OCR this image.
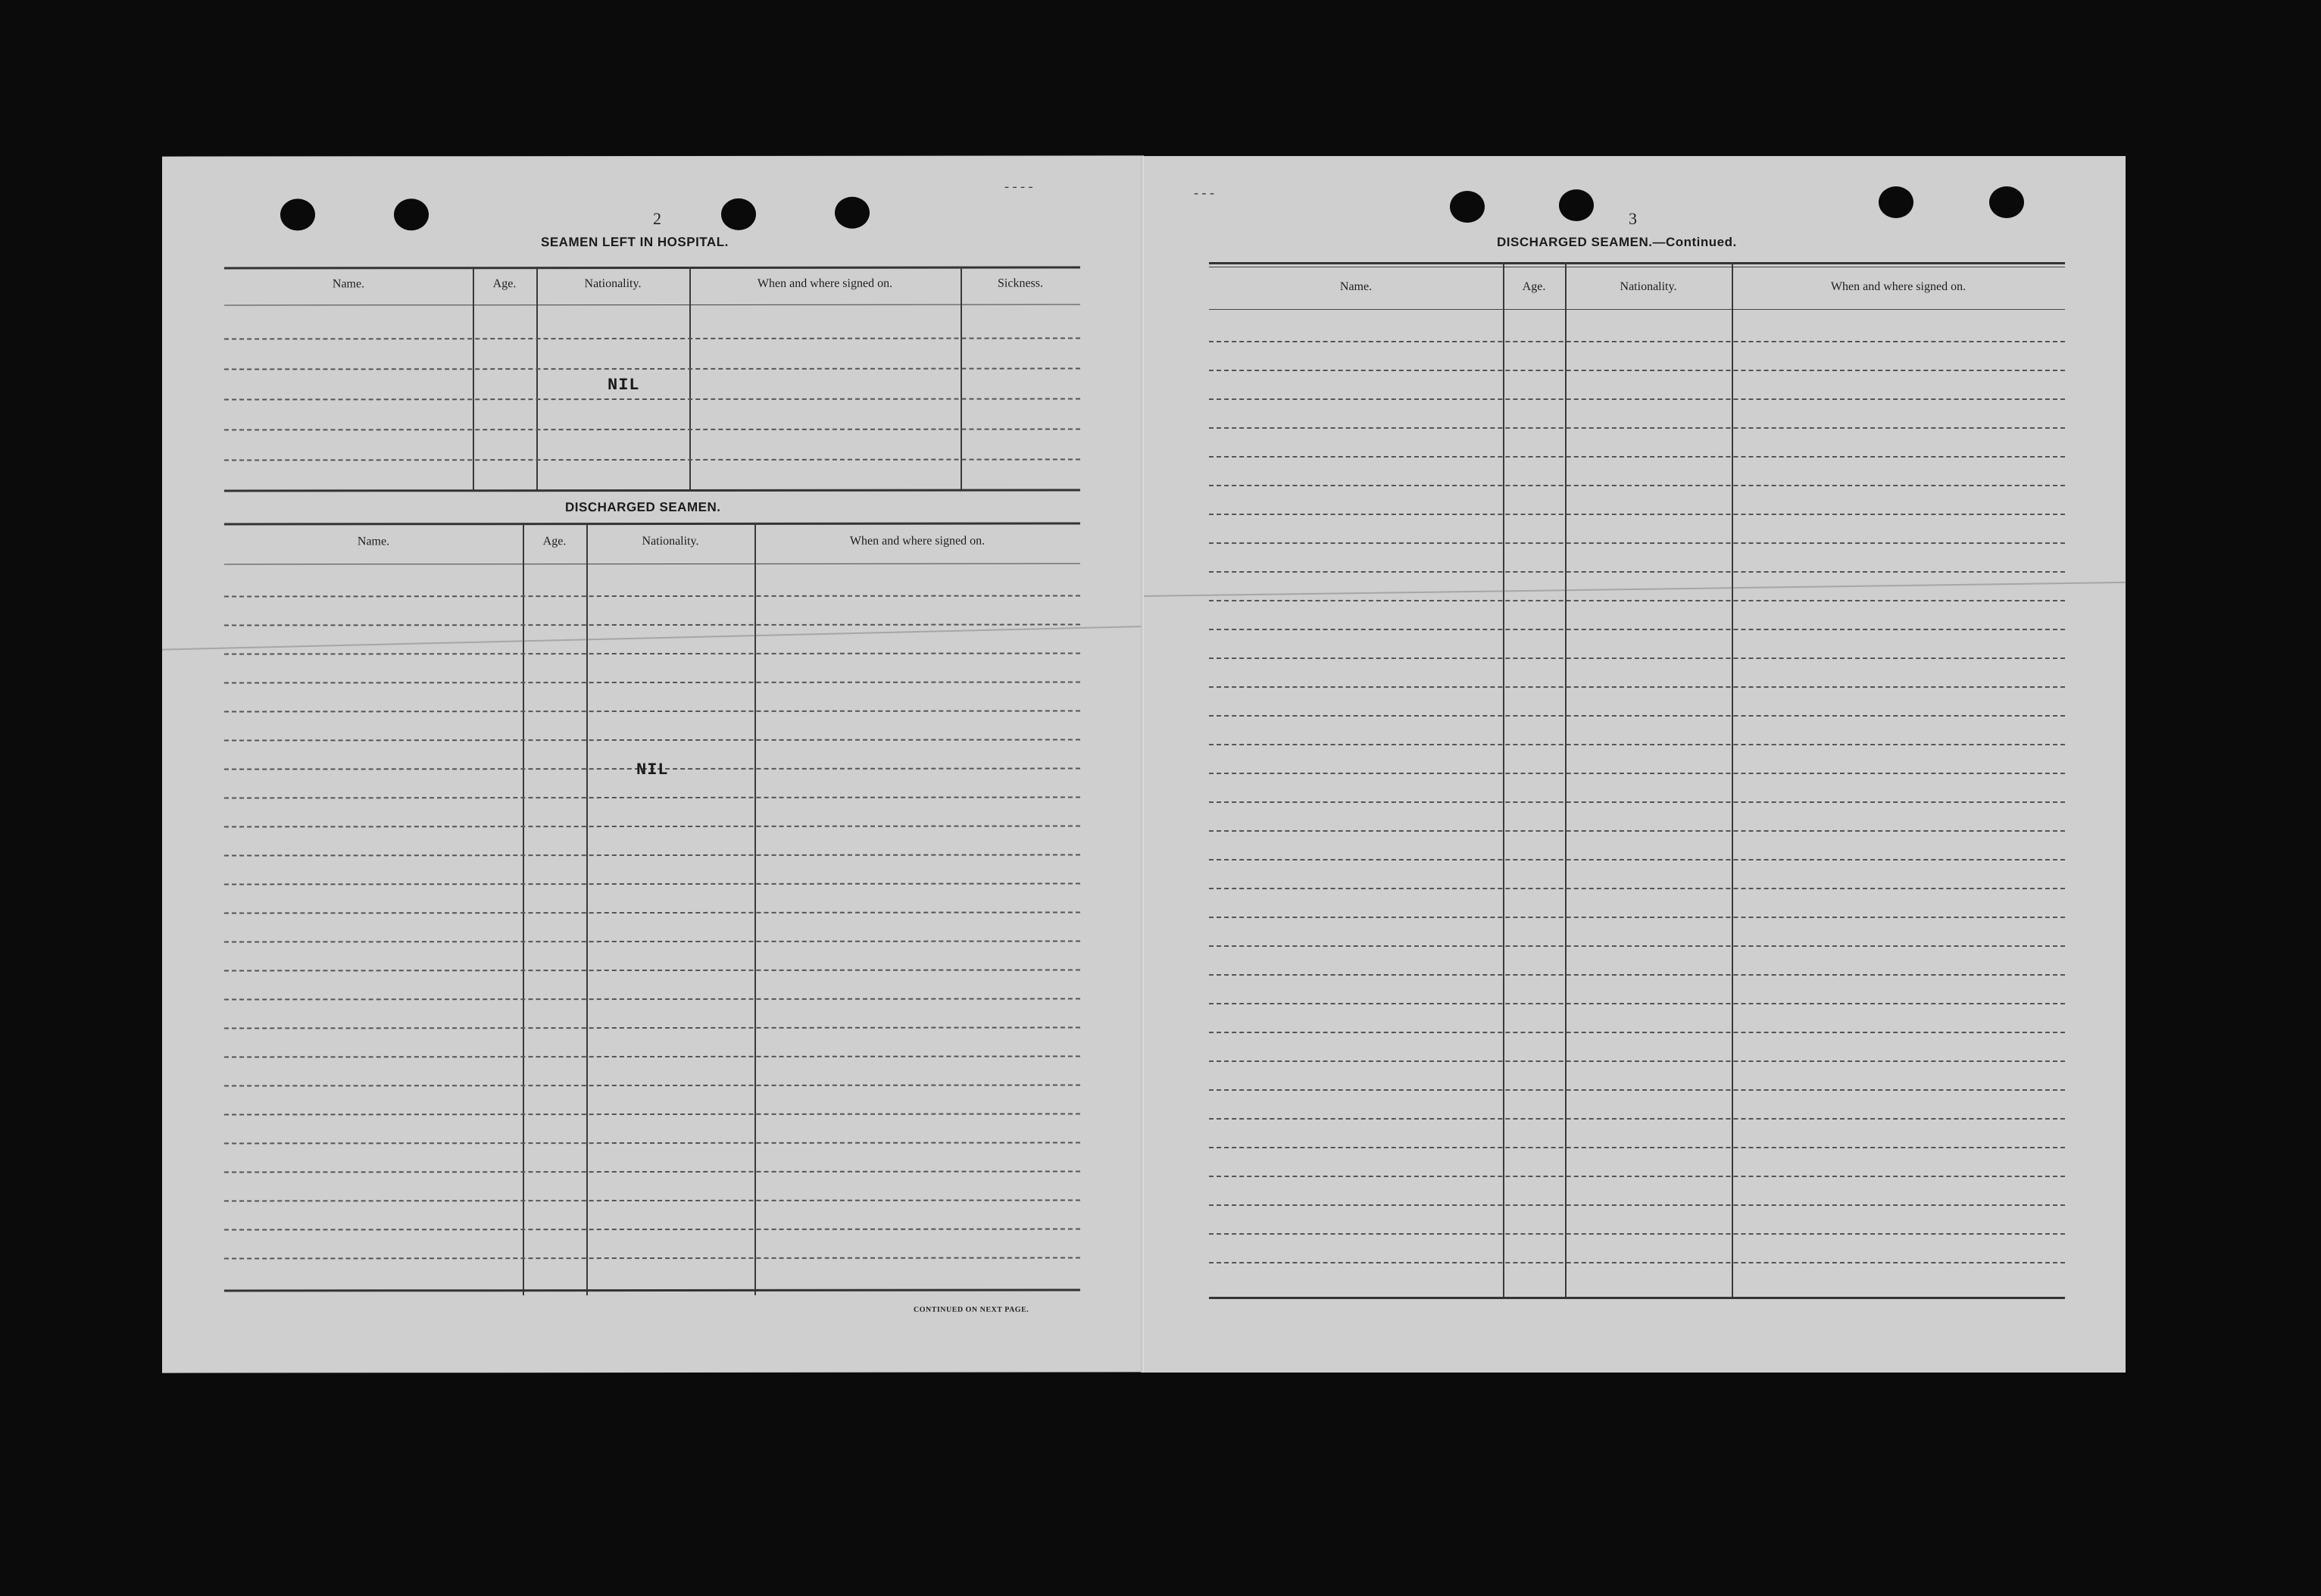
- - - -
2
SEAMEN LEFT IN HOSPITAL.
Name.	Age.	Nationality.	When and where signed on.	Sickness.
NIL
DISCHARGED SEAMEN.
Name.	Age.	Nationality.	When and where signed on.
NIL
CONTINUED ON NEXT PAGE.
- - -
3
DISCHARGED SEAMEN.—Continued.
Name.	Age.	Nationality.	When and where signed on.
